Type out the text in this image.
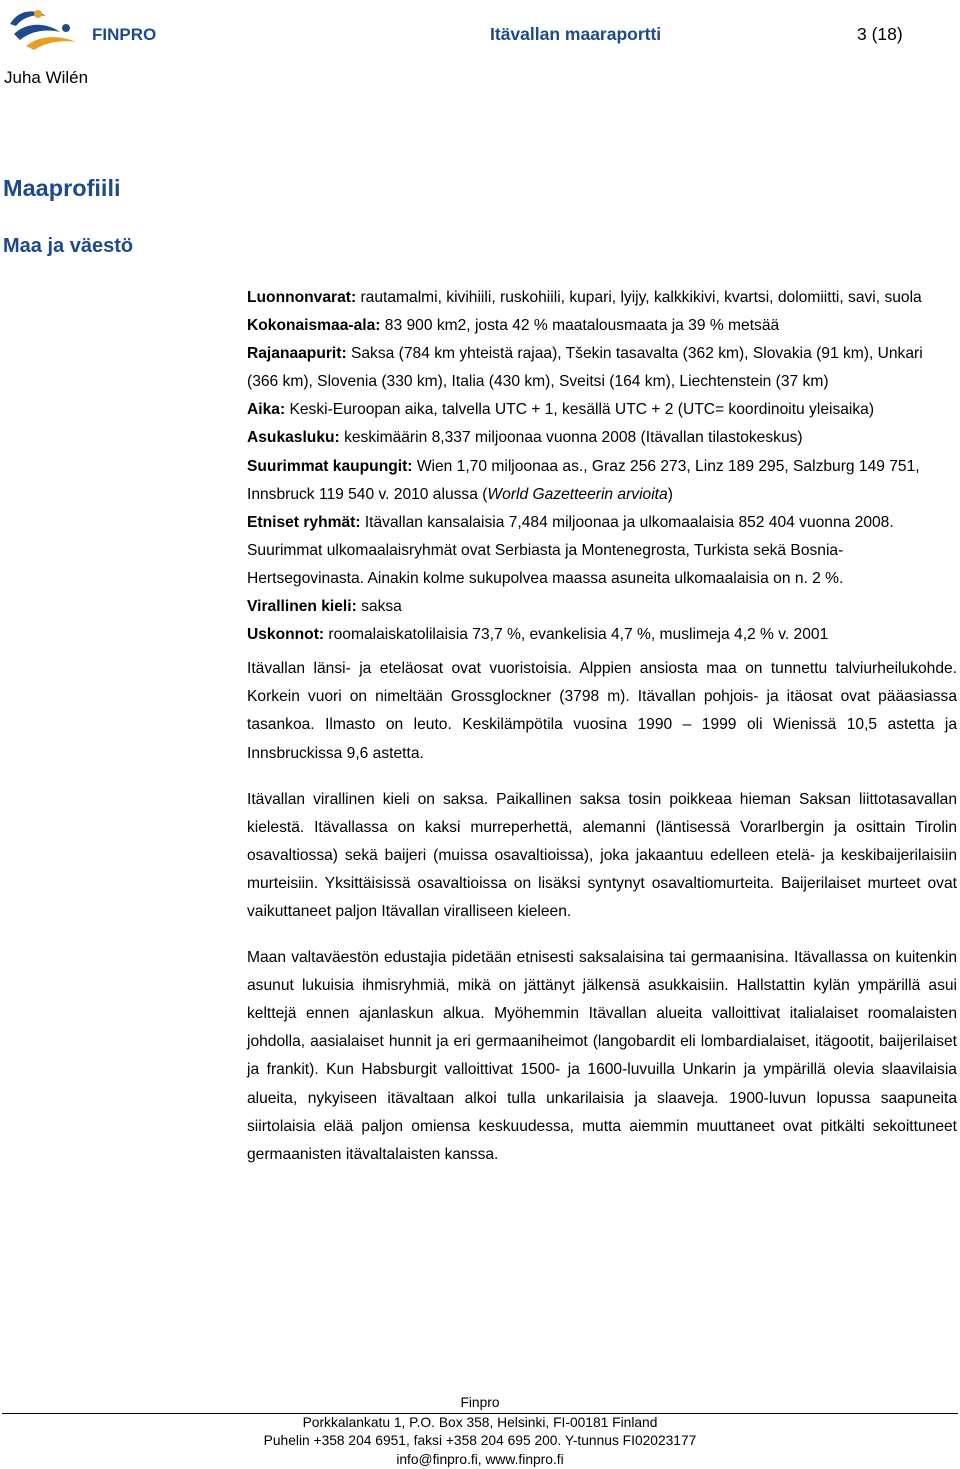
FINPRO	Itävallan maaraportti	3 (18)
Juha Wilén
Maaprofiili
Maa ja väestö

Luonnonvarat: rautamalmi, kivihiili, ruskohiili, kupari, lyijy, kalkkikivi, kvartsi, dolomiitti, savi, suola

Kokonaismaa-ala: 83 900 km2, josta 42 % maatalousmaata ja 39 % metsää

Rajanaapurit: Saksa (784 km yhteistä rajaa), Tšekin tasavalta (362 km), Slovakia (91 km), Unkari (366 km), Slovenia (330 km), Italia (430 km), Sveitsi (164 km), Liechtenstein (37 km)

Aika: Keski-Euroopan aika, talvella UTC + 1, kesällä UTC + 2 (UTC= koordinoitu yleisaika)

Asukasluku: keskimäärin 8,337 miljoonaa vuonna 2008 (Itävallan tilastokeskus)

Suurimmat kaupungit: Wien 1,70 miljoonaa as., Graz 256 273, Linz 189 295, Salzburg 149 751, Innsbruck 119 540 v. 2010 alussa (World Gazetteerin arvioita)

Etniset ryhmät: Itävallan kansalaisia 7,484 miljoonaa ja ulkomaalaisia 852 404 vuonna 2008. Suurimmat ulkomaalaisryhmät ovat Serbiasta ja Montenegrosta, Turkista sekä Bosnia-Hertsegovinasta. Ainakin kolme sukupolvea maassa asuneita ulkomaalaisia on n. 2 %.

Virallinen kieli: saksa

Uskonnot: roomalaiskatolilaisia 73,7 %, evankelisia 4,7 %, muslimeja 4,2 % v. 2001

Itävallan länsi- ja eteläosat ovat vuoristoisia. Alppien ansiosta maa on tunnettu talviurheilukohde. Korkein vuori on nimeltään Grossglockner (3798 m). Itävallan pohjois- ja itäosat ovat pääasiassa tasankoa. Ilmasto on leuto. Keskilämpötila vuosina 1990 – 1999 oli Wienissä 10,5 astetta ja Innsbruckissa 9,6 astetta.

Itävallan virallinen kieli on saksa. Paikallinen saksa tosin poikkeaa hieman Saksan liittotasavallan kielestä. Itävallassa on kaksi murreperhettä, alemanni (läntisessä Vorarlbergin ja osittain Tirolin osavaltiossa) sekä baijeri (muissa osavaltioissa), joka jakaantuu edelleen etelä- ja keskibaijerilaisiin murteisiin. Yksittäisissä osavaltioissa on lisäksi syntynyt osavaltiomurteita. Baijerilaiset murteet ovat vaikuttaneet paljon Itävallan viralliseen kieleen.

Maan valtaväestön edustajia pidetään etnisesti saksalaisina tai germaanisina. Itävallassa on kuitenkin asunut lukuisia ihmisryhmiä, mikä on jättänyt jälkensä asukkaisiin. Hallstattin kylän ympärillä asui kelttejä ennen ajanlaskun alkua. Myöhemmin Itävallan alueita valloittivat italialaiset roomalaisten johdolla, aasialaiset hunnit ja eri germaaniheimot (langobardit eli lombardialaiset, itägootit, baijerilaiset ja frankit). Kun Habsburgit valloittivat 1500- ja 1600-luvuilla Unkarin ja ympärillä olevia slaavilaisia alueita, nykyiseen itävaltaan alkoi tulla unkarilaisia ja slaaveja. 1900-luvun lopussa saapuneita siirtolaisia elää paljon omiensa keskuudessa, mutta aiemmin muuttaneet ovat pitkälti sekoittuneet germaanisten itävaltalaisten kanssa.

Finpro
Porkkalankatu 1, P.O. Box 358, Helsinki, FI-00181 Finland
Puhelin +358 204 6951, faksi +358 204 695 200. Y-tunnus FI02023177
info@finpro.fi, www.finpro.fi
